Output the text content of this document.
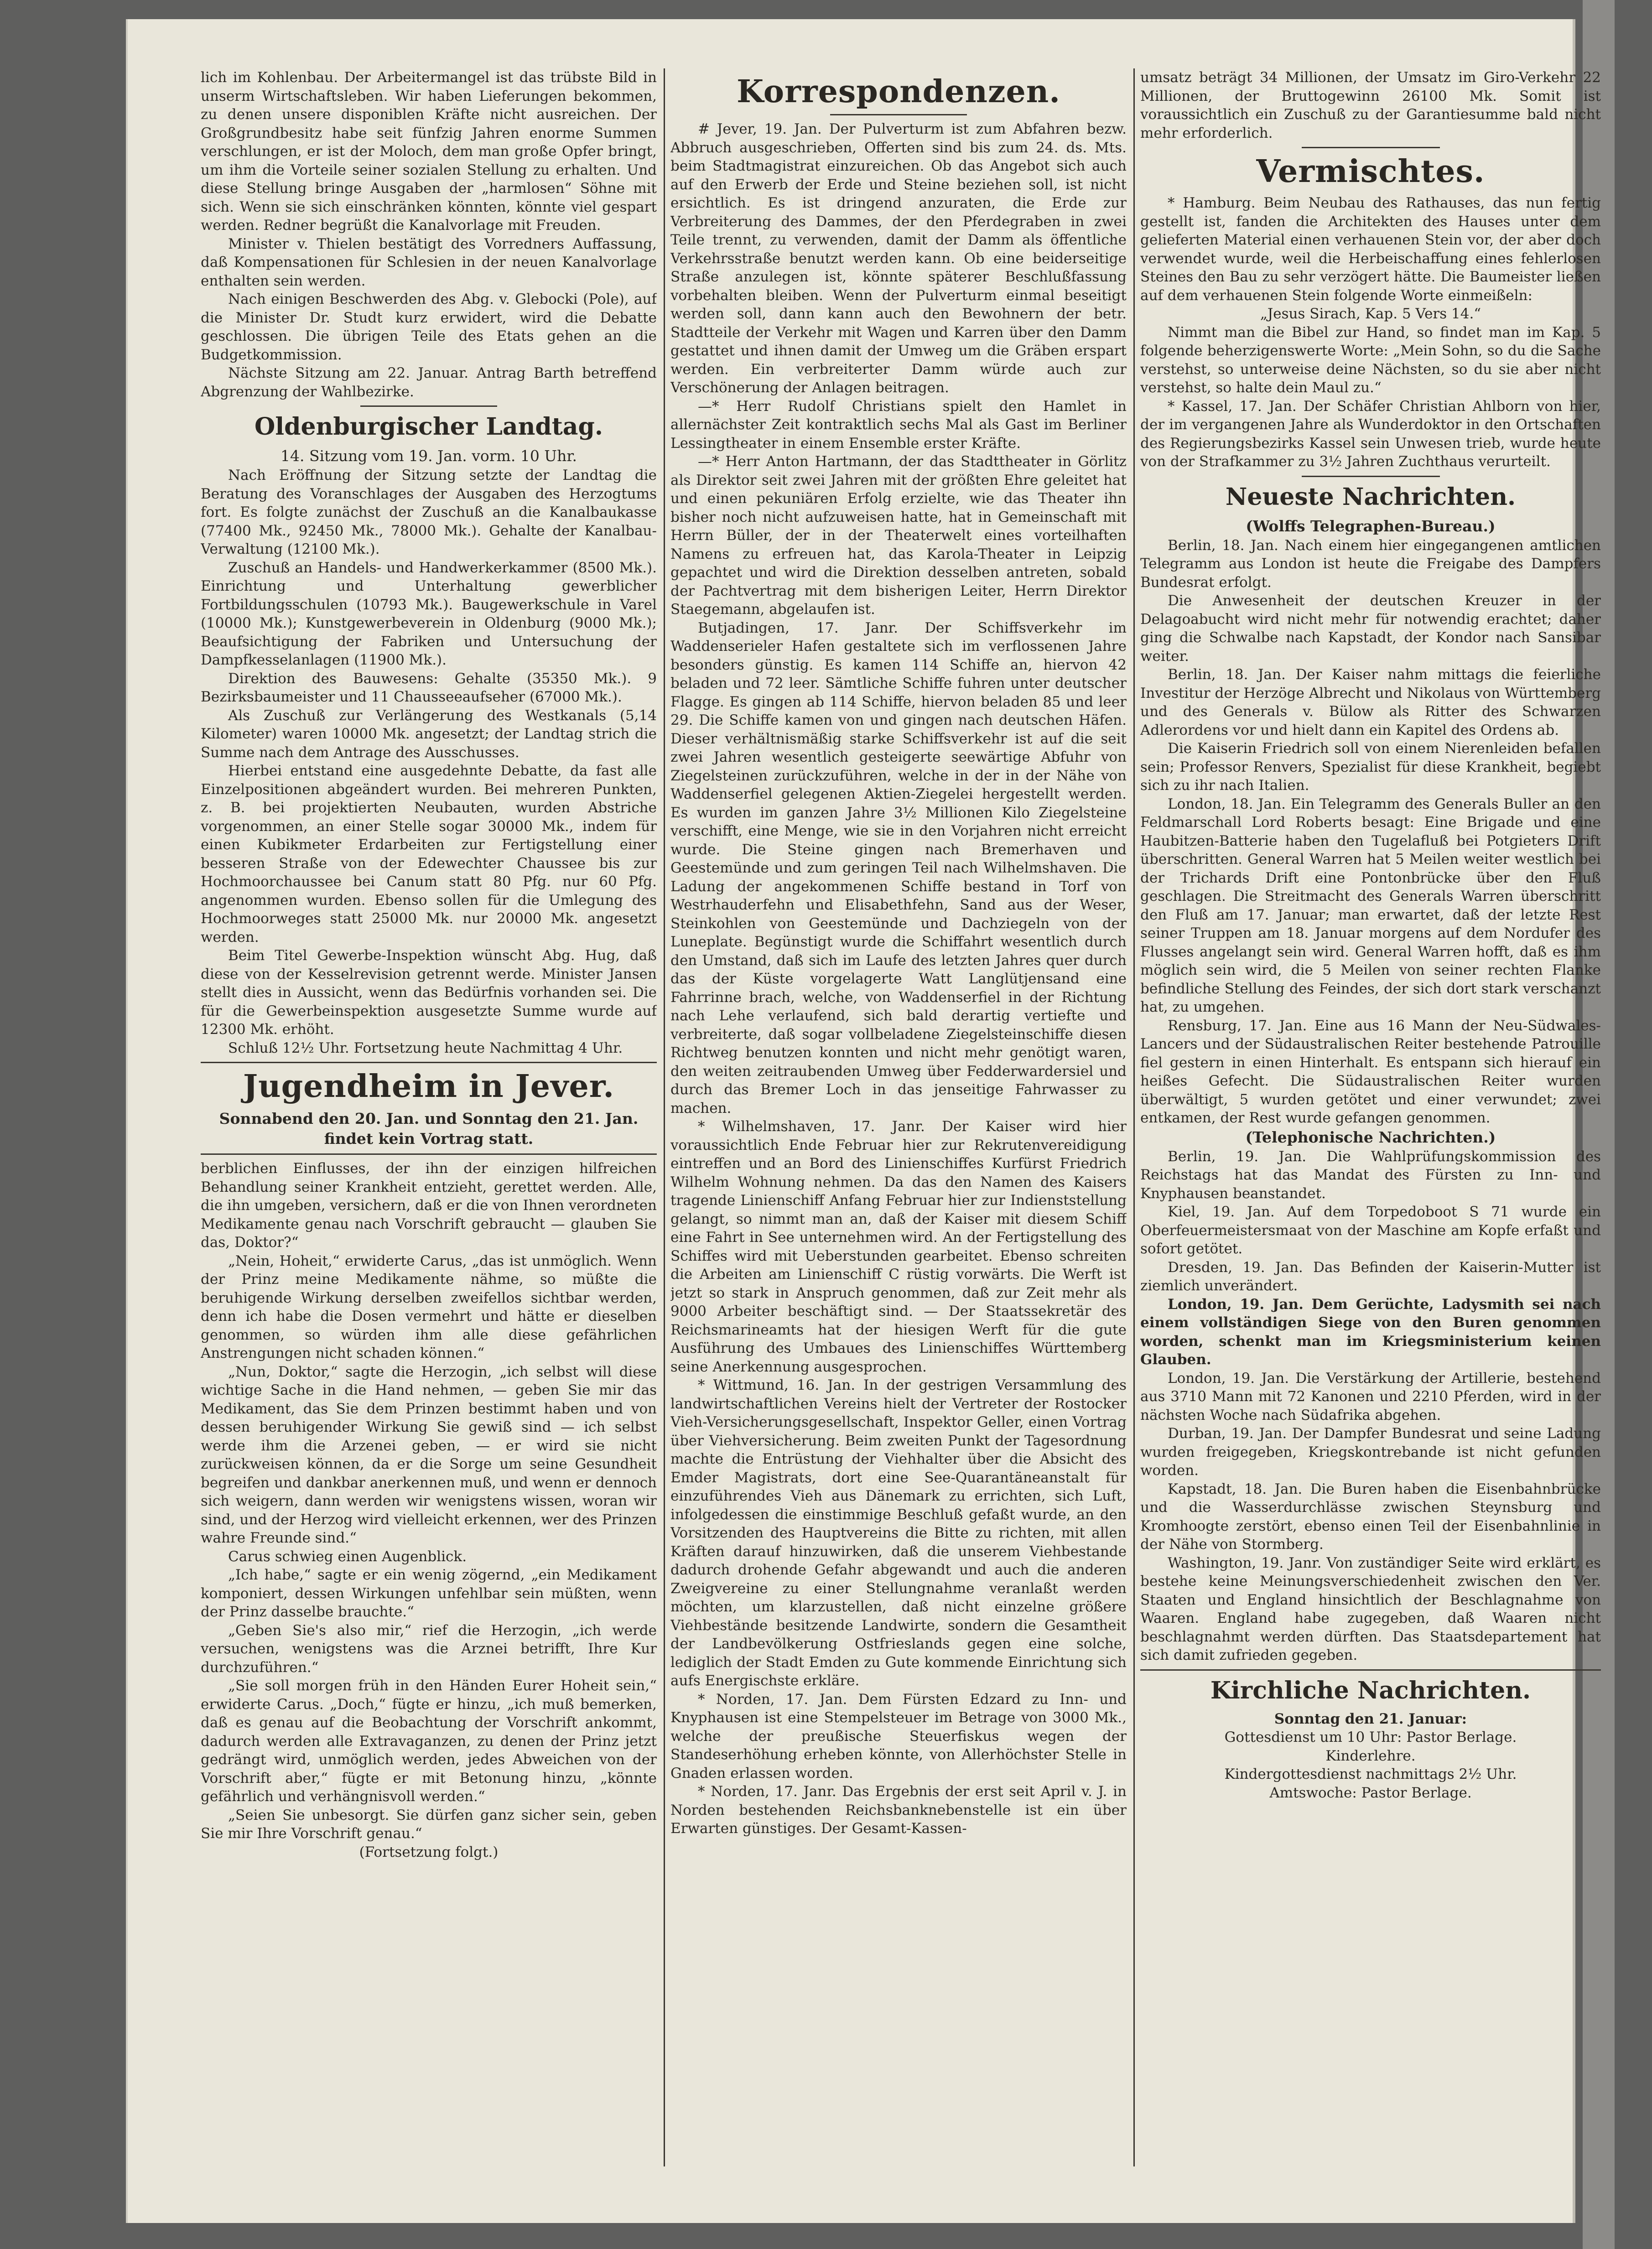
lich im Kohlenbau. Der Arbeitermangel ist das trübste Bild in unserm Wirtschaftsleben. Wir haben Lieferungen bekommen, zu denen unsere disponiblen Kräfte nicht ausreichen. Der Großgrundbesitz habe seit fünfzig Jahren enorme Summen verschlungen, er ist der Moloch, dem man große Opfer bringt, um ihm die Vorteile seiner sozialen Stellung zu erhalten. Und diese Stellung bringe Ausgaben der „harmlosen“ Söhne mit sich. Wenn sie sich einschränken könnten, könnte viel gespart werden. Redner begrüßt die Kanalvorlage mit Freuden.

Minister v. Thielen bestätigt des Vorredners Auffassung, daß Kompensationen für Schlesien in der neuen Kanalvorlage enthalten sein werden.

Nach einigen Beschwerden des Abg. v. Glebocki (Pole), auf die Minister Dr. Studt kurz erwidert, wird die Debatte geschlossen. Die übrigen Teile des Etats gehen an die Budgetkommission.

Nächste Sitzung am 22. Januar. Antrag Barth betreffend Abgrenzung der Wahlbezirke.

Oldenburgischer Landtag.
14. Sitzung vom 19. Jan. vorm. 10 Uhr.

Nach Eröffnung der Sitzung setzte der Landtag die Beratung des Voranschlages der Ausgaben des Herzogtums fort. Es folgte zunächst der Zuschuß an die Kanalbaukasse (77400 Mk., 92450 Mk., 78000 Mk.). Gehalte der Kanalbau-Verwaltung (12100 Mk.).

Zuschuß an Handels- und Handwerkerkammer (8500 Mk.). Einrichtung und Unterhaltung gewerblicher Fortbildungsschulen (10793 Mk.). Baugewerkschule in Varel (10000 Mk.); Kunstgewerbeverein in Oldenburg (9000 Mk.); Beaufsichtigung der Fabriken und Untersuchung der Dampfkesselanlagen (11900 Mk.).

Direktion des Bauwesens: Gehalte (35350 Mk.). 9 Bezirksbaumeister und 11 Chausseeaufseher (67000 Mk.).

Als Zuschuß zur Verlängerung des Westkanals (5,14 Kilometer) waren 10000 Mk. angesetzt; der Landtag strich die Summe nach dem Antrage des Ausschusses.

Hierbei entstand eine ausgedehnte Debatte, da fast alle Einzelpositionen abgeändert wurden. Bei mehreren Punkten, z. B. bei projektierten Neubauten, wurden Abstriche vorgenommen, an einer Stelle sogar 30000 Mk., indem für einen Kubikmeter Erdarbeiten zur Fertigstellung einer besseren Straße von der Edewechter Chaussee bis zur Hochmoorchaussee bei Canum statt 80 Pfg. nur 60 Pfg. angenommen wurden. Ebenso sollen für die Umlegung des Hochmoorweges statt 25000 Mk. nur 20000 Mk. angesetzt werden.

Beim Titel Gewerbe-Inspektion wünscht Abg. Hug, daß diese von der Kesselrevision getrennt werde. Minister Jansen stellt dies in Aussicht, wenn das Bedürfnis vorhanden sei. Die für die Gewerbeinspektion ausgesetzte Summe wurde auf 12300 Mk. erhöht.

Schluß 12½ Uhr. Fortsetzung heute Nachmittag 4 Uhr.

Jugendheim in Jever.
Sonnabend den 20. Jan. und Sonntag den 21. Jan. findet kein Vortrag statt.

berblichen Einflusses, der ihn der einzigen hilfreichen Behandlung seiner Krankheit entzieht, gerettet werden. Alle, die ihn umgeben, versichern, daß er die von Ihnen verordneten Medikamente genau nach Vorschrift gebraucht — glauben Sie das, Doktor?“

„Nein, Hoheit,“ erwiderte Carus, „das ist unmöglich. Wenn der Prinz meine Medikamente nähme, so müßte die beruhigende Wirkung derselben zweifellos sichtbar werden, denn ich habe die Dosen vermehrt und hätte er dieselben genommen, so würden ihm alle diese gefährlichen Anstrengungen nicht schaden können.“

„Nun, Doktor,“ sagte die Herzogin, „ich selbst will diese wichtige Sache in die Hand nehmen, — geben Sie mir das Medikament, das Sie dem Prinzen bestimmt haben und von dessen beruhigender Wirkung Sie gewiß sind — ich selbst werde ihm die Arzenei geben, — er wird sie nicht zurückweisen können, da er die Sorge um seine Gesundheit begreifen und dankbar anerkennen muß, und wenn er dennoch sich weigern, dann werden wir wenigstens wissen, woran wir sind, und der Herzog wird vielleicht erkennen, wer des Prinzen wahre Freunde sind.“

Carus schwieg einen Augenblick.

„Ich habe,“ sagte er ein wenig zögernd, „ein Medikament komponiert, dessen Wirkungen unfehlbar sein müßten, wenn der Prinz dasselbe brauchte.“

„Geben Sie's also mir,“ rief die Herzogin, „ich werde versuchen, wenigstens was die Arznei betrifft, Ihre Kur durchzuführen.“

„Sie soll morgen früh in den Händen Eurer Hoheit sein,“ erwiderte Carus. „Doch,“ fügte er hinzu, „ich muß bemerken, daß es genau auf die Beobachtung der Vorschrift ankommt, dadurch werden alle Extravaganzen, zu denen der Prinz jetzt gedrängt wird, unmöglich werden, jedes Abweichen von der Vorschrift aber,“ fügte er mit Betonung hinzu, „könnte gefährlich und verhängnisvoll werden.“

„Seien Sie unbesorgt. Sie dürfen ganz sicher sein, geben Sie mir Ihre Vorschrift genau.“

(Fortsetzung folgt.)
Korrespondenzen.

# Jever, 19. Jan. Der Pulverturm ist zum Abfahren bezw. Abbruch ausgeschrieben, Offerten sind bis zum 24. ds. Mts. beim Stadtmagistrat einzureichen. Ob das Angebot sich auch auf den Erwerb der Erde und Steine beziehen soll, ist nicht ersichtlich. Es ist dringend anzuraten, die Erde zur Verbreiterung des Dammes, der den Pferdegraben in zwei Teile trennt, zu verwenden, damit der Damm als öffentliche Verkehrsstraße benutzt werden kann. Ob eine beiderseitige Straße anzulegen ist, könnte späterer Beschlußfassung vorbehalten bleiben. Wenn der Pulverturm einmal beseitigt werden soll, dann kann auch den Bewohnern der betr. Stadtteile der Verkehr mit Wagen und Karren über den Damm gestattet und ihnen damit der Umweg um die Gräben erspart werden. Ein verbreiterter Damm würde auch zur Verschönerung der Anlagen beitragen.

—* Herr Rudolf Christians spielt den Hamlet in allernächster Zeit kontraktlich sechs Mal als Gast im Berliner Lessingtheater in einem Ensemble erster Kräfte.

—* Herr Anton Hartmann, der das Stadttheater in Görlitz als Direktor seit zwei Jahren mit der größten Ehre geleitet hat und einen pekuniären Erfolg erzielte, wie das Theater ihn bisher noch nicht aufzuweisen hatte, hat in Gemeinschaft mit Herrn Büller, der in der Theaterwelt eines vorteilhaften Namens zu erfreuen hat, das Karola-Theater in Leipzig gepachtet und wird die Direktion desselben antreten, sobald der Pachtvertrag mit dem bisherigen Leiter, Herrn Direktor Staegemann, abgelaufen ist.

Butjadingen, 17. Janr. Der Schiffsverkehr im Waddenserieler Hafen gestaltete sich im verflossenen Jahre besonders günstig. Es kamen 114 Schiffe an, hiervon 42 beladen und 72 leer. Sämtliche Schiffe fuhren unter deutscher Flagge. Es gingen ab 114 Schiffe, hiervon beladen 85 und leer 29. Die Schiffe kamen von und gingen nach deutschen Häfen. Dieser verhältnismäßig starke Schiffsverkehr ist auf die seit zwei Jahren wesentlich gesteigerte seewärtige Abfuhr von Ziegelsteinen zurückzuführen, welche in der in der Nähe von Waddenserfiel gelegenen Aktien-Ziegelei hergestellt werden. Es wurden im ganzen Jahre 3½ Millionen Kilo Ziegelsteine verschifft, eine Menge, wie sie in den Vorjahren nicht erreicht wurde. Die Steine gingen nach Bremerhaven und Geestemünde und zum geringen Teil nach Wilhelmshaven. Die Ladung der angekommenen Schiffe bestand in Torf von Westrhauderfehn und Elisabethfehn, Sand aus der Weser, Steinkohlen von Geestemünde und Dachziegeln von der Luneplate. Begünstigt wurde die Schiffahrt wesentlich durch den Umstand, daß sich im Laufe des letzten Jahres quer durch das der Küste vorgelagerte Watt Langlütjensand eine Fahrrinne brach, welche, von Waddenserfiel in der Richtung nach Lehe verlaufend, sich bald derartig vertiefte und verbreiterte, daß sogar vollbeladene Ziegelsteinschiffe diesen Richtweg benutzen konnten und nicht mehr genötigt waren, den weiten zeitraubenden Umweg über Fedderwardersiel und durch das Bremer Loch in das jenseitige Fahrwasser zu machen.

* Wilhelmshaven, 17. Janr. Der Kaiser wird hier voraussichtlich Ende Februar hier zur Rekrutenvereidigung eintreffen und an Bord des Linienschiffes Kurfürst Friedrich Wilhelm Wohnung nehmen. Da das den Namen des Kaisers tragende Linienschiff Anfang Februar hier zur Indienststellung gelangt, so nimmt man an, daß der Kaiser mit diesem Schiff eine Fahrt in See unternehmen wird. An der Fertigstellung des Schiffes wird mit Ueberstunden gearbeitet. Ebenso schreiten die Arbeiten am Linienschiff C rüstig vorwärts. Die Werft ist jetzt so stark in Anspruch genommen, daß zur Zeit mehr als 9000 Arbeiter beschäftigt sind. — Der Staatssekretär des Reichsmarineamts hat der hiesigen Werft für die gute Ausführung des Umbaues des Linienschiffes Württemberg seine Anerkennung ausgesprochen.

* Wittmund, 16. Jan. In der gestrigen Versammlung des landwirtschaftlichen Vereins hielt der Vertreter der Rostocker Vieh-Versicherungsgesellschaft, Inspektor Geller, einen Vortrag über Viehversicherung. Beim zweiten Punkt der Tagesordnung machte die Entrüstung der Viehhalter über die Absicht des Emder Magistrats, dort eine See-Quarantäneanstalt für einzuführendes Vieh aus Dänemark zu errichten, sich Luft, infolgedessen die einstimmige Beschluß gefaßt wurde, an den Vorsitzenden des Hauptvereins die Bitte zu richten, mit allen Kräften darauf hinzuwirken, daß die unserem Viehbestande dadurch drohende Gefahr abgewandt und auch die anderen Zweigvereine zu einer Stellungnahme veranlaßt werden möchten, um klarzustellen, daß nicht einzelne größere Viehbestände besitzende Landwirte, sondern die Gesamtheit der Landbevölkerung Ostfrieslands gegen eine solche, lediglich der Stadt Emden zu Gute kommende Einrichtung sich aufs Energischste erkläre.

* Norden, 17. Jan. Dem Fürsten Edzard zu Inn- und Knyphausen ist eine Stempelsteuer im Betrage von 3000 Mk., welche der preußische Steuerfiskus wegen der Standeserhöhung erheben könnte, von Allerhöchster Stelle in Gnaden erlassen worden.

* Norden, 17. Janr. Das Ergebnis der erst seit April v. J. in Norden bestehenden Reichsbanknebenstelle ist ein über Erwarten günstiges. Der Gesamt-Kassen-

umsatz beträgt 34 Millionen, der Umsatz im Giro-Verkehr 22 Millionen, der Bruttogewinn 26100 Mk. Somit ist voraussichtlich ein Zuschuß zu der Garantiesumme bald nicht mehr erforderlich.

Vermischtes.

* Hamburg. Beim Neubau des Rathauses, das nun fertig gestellt ist, fanden die Architekten des Hauses unter dem gelieferten Material einen verhauenen Stein vor, der aber doch verwendet wurde, weil die Herbeischaffung eines fehlerlosen Steines den Bau zu sehr verzögert hätte. Die Baumeister ließen auf dem verhauenen Stein folgende Worte einmeißeln:

„Jesus Sirach, Kap. 5 Vers 14.“

Nimmt man die Bibel zur Hand, so findet man im Kap. 5 folgende beherzigenswerte Worte: „Mein Sohn, so du die Sache verstehst, so unterweise deine Nächsten, so du sie aber nicht verstehst, so halte dein Maul zu.“

* Kassel, 17. Jan. Der Schäfer Christian Ahlborn von hier, der im vergangenen Jahre als Wunderdoktor in den Ortschaften des Regierungsbezirks Kassel sein Unwesen trieb, wurde heute von der Strafkammer zu 3½ Jahren Zuchthaus verurteilt.

Neueste Nachrichten.
(Wolffs Telegraphen-Bureau.)

Berlin, 18. Jan. Nach einem hier eingegangenen amtlichen Telegramm aus London ist heute die Freigabe des Dampfers Bundesrat erfolgt.

Die Anwesenheit der deutschen Kreuzer in der Delagoabucht wird nicht mehr für notwendig erachtet; daher ging die Schwalbe nach Kapstadt, der Kondor nach Sansibar weiter.

Berlin, 18. Jan. Der Kaiser nahm mittags die feierliche Investitur der Herzöge Albrecht und Nikolaus von Württemberg und des Generals v. Bülow als Ritter des Schwarzen Adlerordens vor und hielt dann ein Kapitel des Ordens ab.

Die Kaiserin Friedrich soll von einem Nierenleiden befallen sein; Professor Renvers, Spezialist für diese Krankheit, begiebt sich zu ihr nach Italien.

London, 18. Jan. Ein Telegramm des Generals Buller an den Feldmarschall Lord Roberts besagt: Eine Brigade und eine Haubitzen-Batterie haben den Tugelafluß bei Potgieters Drift überschritten. General Warren hat 5 Meilen weiter westlich bei der Trichards Drift eine Pontonbrücke über den Fluß geschlagen. Die Streitmacht des Generals Warren überschritt den Fluß am 17. Januar; man erwartet, daß der letzte Rest seiner Truppen am 18. Januar morgens auf dem Nordufer des Flusses angelangt sein wird. General Warren hofft, daß es ihm möglich sein wird, die 5 Meilen von seiner rechten Flanke befindliche Stellung des Feindes, der sich dort stark verschanzt hat, zu umgehen.

Rensburg, 17. Jan. Eine aus 16 Mann der Neu-Südwales-Lancers und der Südaustralischen Reiter bestehende Patrouille fiel gestern in einen Hinterhalt. Es entspann sich hierauf ein heißes Gefecht. Die Südaustralischen Reiter wurden überwältigt, 5 wurden getötet und einer verwundet; zwei entkamen, der Rest wurde gefangen genommen.

(Telephonische Nachrichten.)

Berlin, 19. Jan. Die Wahlprüfungskommission des Reichstags hat das Mandat des Fürsten zu Inn- und Knyphausen beanstandet.

Kiel, 19. Jan. Auf dem Torpedoboot S 71 wurde ein Oberfeuermeistersmaat von der Maschine am Kopfe erfaßt und sofort getötet.

Dresden, 19. Jan. Das Befinden der Kaiserin-Mutter ist ziemlich unverändert.

London, 19. Jan. Dem Gerüchte, Ladysmith sei nach einem vollständigen Siege von den Buren genommen worden, schenkt man im Kriegsministerium keinen Glauben.

London, 19. Jan. Die Verstärkung der Artillerie, bestehend aus 3710 Mann mit 72 Kanonen und 2210 Pferden, wird in der nächsten Woche nach Südafrika abgehen.

Durban, 19. Jan. Der Dampfer Bundesrat und seine Ladung wurden freigegeben, Kriegskontrebande ist nicht gefunden worden.

Kapstadt, 18. Jan. Die Buren haben die Eisenbahnbrücke und die Wasserdurchlässe zwischen Steynsburg und Kromhoogte zerstört, ebenso einen Teil der Eisenbahnlinie in der Nähe von Stormberg.

Washington, 19. Janr. Von zuständiger Seite wird erklärt, es bestehe keine Meinungsverschiedenheit zwischen den Ver. Staaten und England hinsichtlich der Beschlagnahme von Waaren. England habe zugegeben, daß Waaren nicht beschlagnahmt werden dürften. Das Staatsdepartement hat sich damit zufrieden gegeben.

Kirchliche Nachrichten.
Sonntag den 21. Januar:
Gottesdienst um 10 Uhr: Pastor Berlage.
Kinderlehre.
Kindergottesdienst nachmittags 2½ Uhr.
Amtswoche: Pastor Berlage.
